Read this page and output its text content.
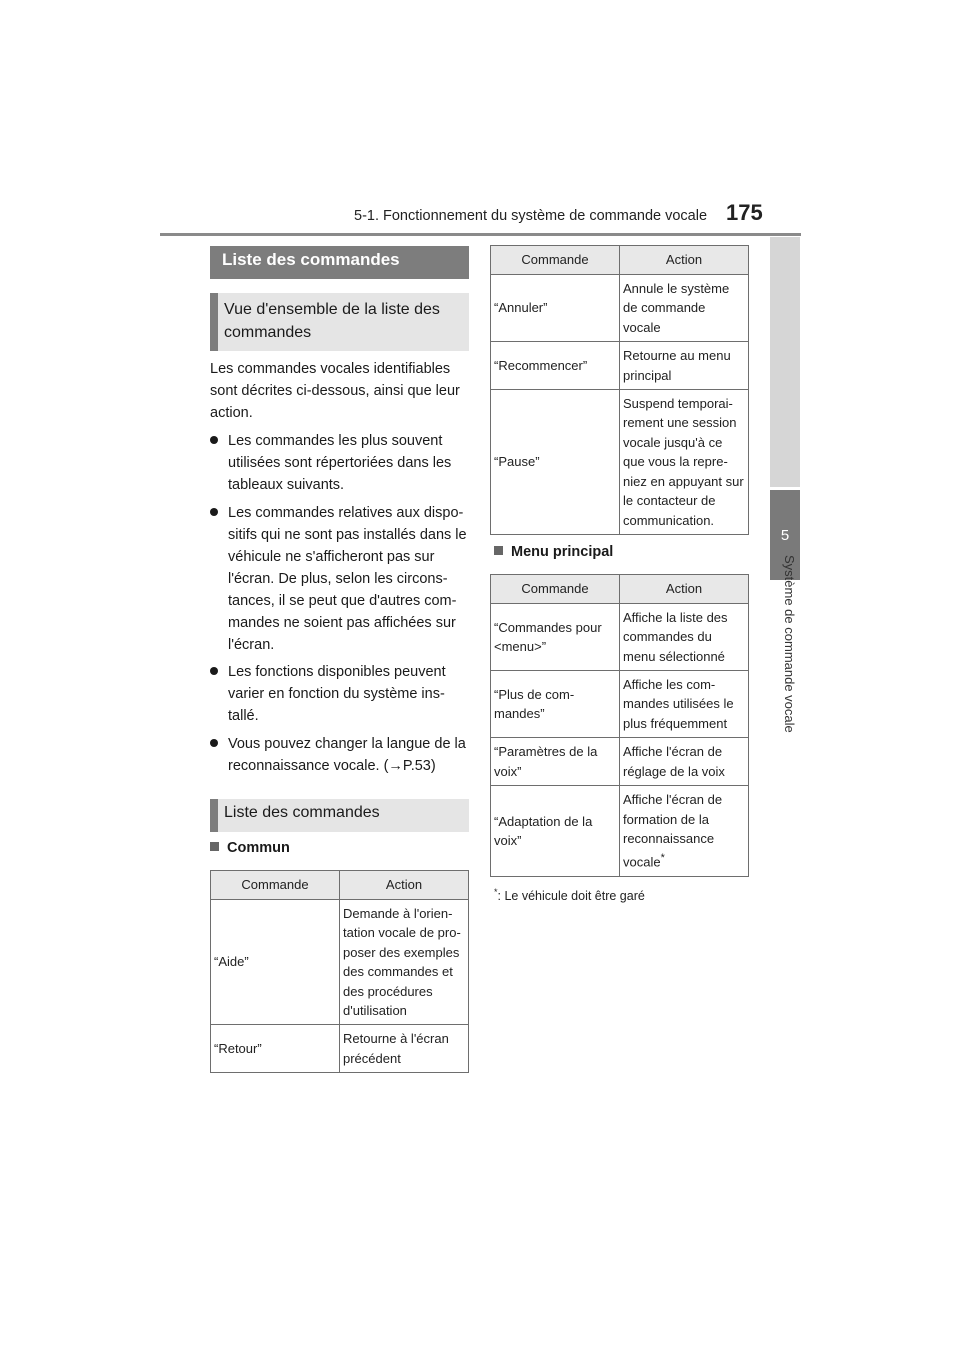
5-1. Fonctionnement du système de commande vocale 175
5
Système de commande vocale
Liste des commandes
Vue d'ensemble de la liste des commandes
Les commandes vocales identifiables sont décrites ci-dessous, ainsi que leur action.
Les commandes les plus souvent utilisées sont répertoriées dans les tableaux suivants.
Les commandes relatives aux dispo-sitifs qui ne sont pas installés dans le véhicule ne s'afficheront pas sur l'écran. De plus, selon les circons-tances, il se peut que d'autres com-mandes ne soient pas affichées sur l'écran.
Les fonctions disponibles peuvent varier en fonction du système ins-tallé.
Vous pouvez changer la langue de la reconnaissance vocale. (→P.53)
Liste des commandes
Commun
Commande	Action
“Aide”	Demande à l'orien-tation vocale de pro-poser des exemples des commandes et des procédures d'utilisation
“Retour”	Retourne à l'écran précédent
Commande	Action
“Annuler”	Annule le système de commande vocale
“Recommencer”	Retourne au menu principal
“Pause”	Suspend temporai-rement une session vocale jusqu'à ce que vous la repre-niez en appuyant sur le contacteur de communication.
Menu principal
Commande	Action
“Commandes pour <menu>”	Affiche la liste des commandes du menu sélectionné
“Plus de com-mandes”	Affiche les com-mandes utilisées le plus fréquemment
“Paramètres de la voix”	Affiche l'écran de réglage de la voix
“Adaptation de la voix”	Affiche l'écran de formation de la reconnaissance vocale*
*: Le véhicule doit être garé
